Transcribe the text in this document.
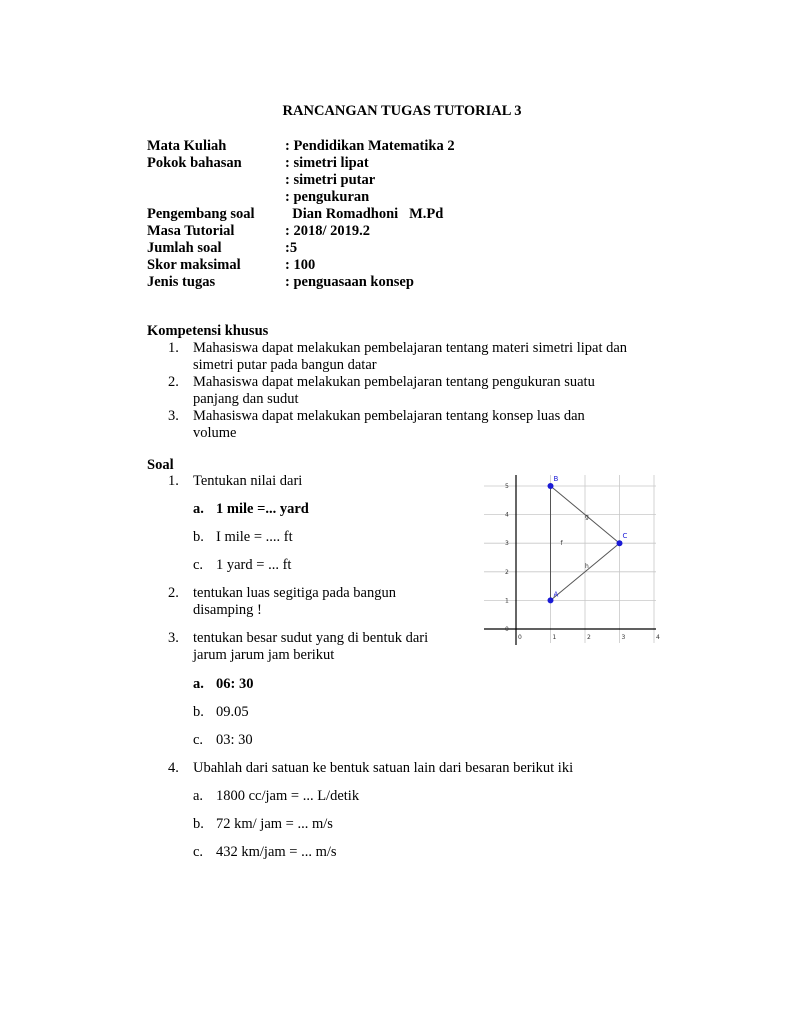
RANCANGAN TUGAS TUTORIAL 3
Mata Kuliah	: Pendidikan Matematika 2
Pokok bahasan	: simetri lipat
: simetri putar
: pengukuran
Pengembang soal Dian Romadhoni   M.Pd
Masa Tutorial	: 2018/ 2019.2
Jumlah soal	:5
Skor maksimal	: 100
Jenis tugas	: penguasaan konsep
Kompetensi khusus
1. Mahasiswa dapat melakukan pembelajaran tentang materi simetri lipat dan
simetri putar pada bangun datar
2. Mahasiswa dapat melakukan pembelajaran tentang pengukuran suatu
panjang dan sudut
3. Mahasiswa dapat melakukan pembelajaran tentang konsep luas dan
volume
Soal
1. Tentukan nilai dari
a. 1 mile =... yard
b. I mile = .... ft
c. 1 yard = ... ft
2. tentukan luas segitiga pada bangun
disamping !
3. tentukan besar sudut yang di bentuk dari
jarum jarum jam berikut
a. 06: 30
b. 09.05
c. 03: 30
4. Ubahlah dari satuan ke bentuk satuan lain dari besaran berikut iki
a. 1800 cc/jam = ... L/detik
b. 72 km/ jam = ... m/s
c. 432 km/jam = ... m/s
0	1	2	3	4
0
1
2
3
4
5
g
h
f
B
C
A
